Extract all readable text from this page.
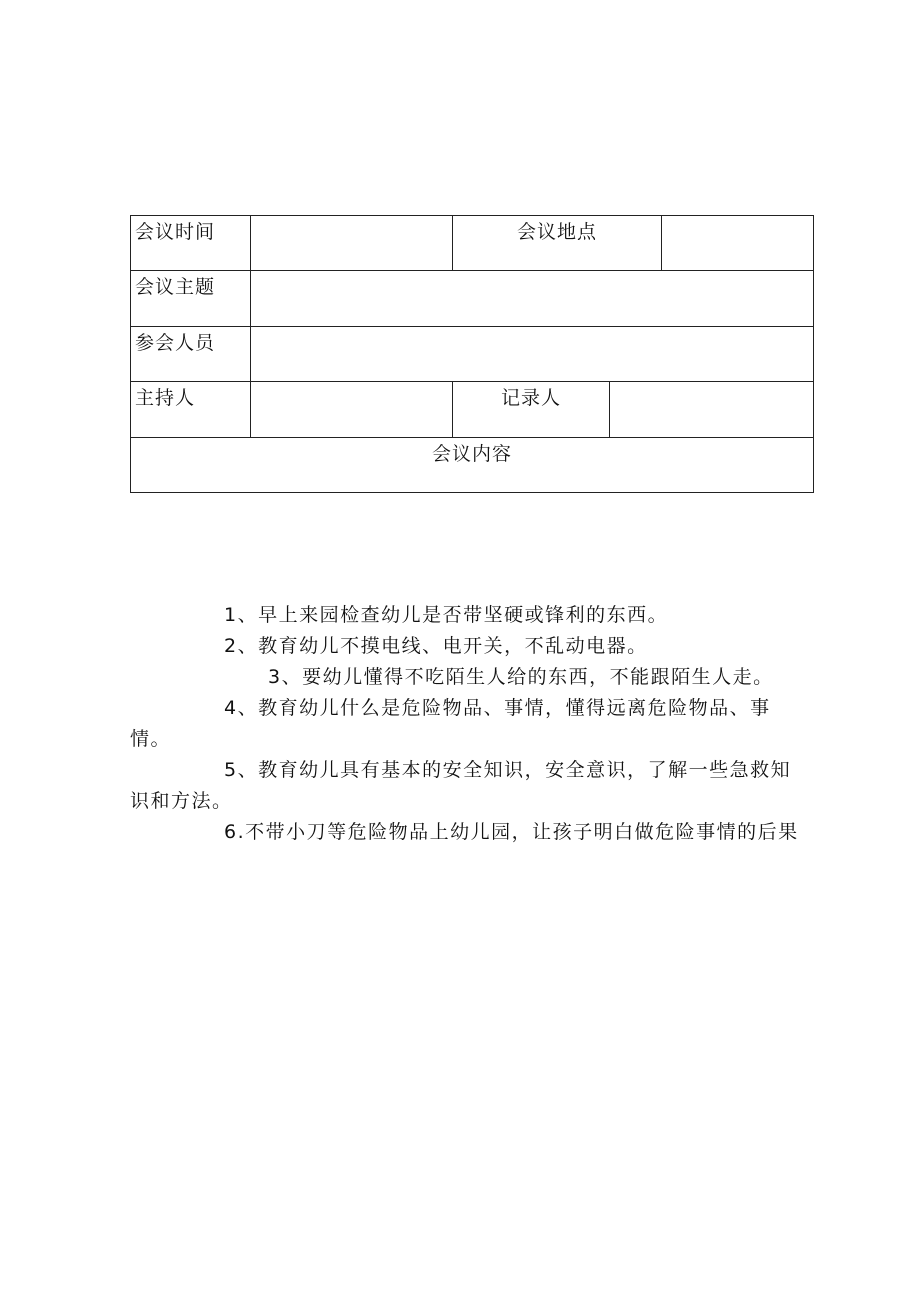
会议时间		会议地点		

会议主题				

参会人员				

主持人		记录人		

会议内容				

1、早上来园检查幼儿是否带坚硬或锋利的东西。

2、教育幼儿不摸电线、电开关，不乱动电器。

3、要幼儿懂得不吃陌生人给的东西，不能跟陌生人走。

4、教育幼儿什么是危险物品、事情，懂得远离危险物品、事情。

5、教育幼儿具有基本的安全知识，安全意识，了解一些急救知识和方法。

6.不带小刀等危险物品上幼儿园，让孩子明白做危险事情的后果
